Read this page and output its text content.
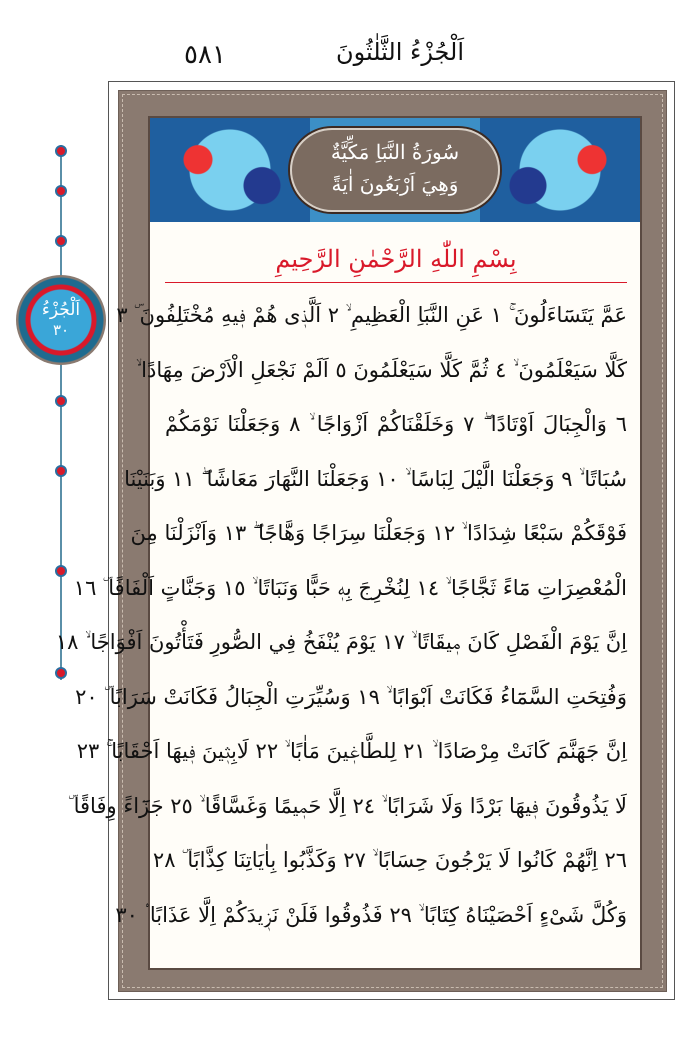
٥٨١	اَلْجُزْءُ الثَّلٰثُونَ
اَلْجُزْءُ
٣٠
سُورَةُ النَّبَاِ مَكِّيَّةٌ
وَهِيَ اَرْبَعُونَ اٰيَةً
بِسْمِ اللّٰهِ الرَّحْمٰنِ الرَّحِيمِ
عَمَّ يَتَسَٓاءَلُونَ ۚ ١ عَنِ النَّبَاِ الْعَظِيمِ ۙ ٢ اَلَّذٖى هُمْ فٖيهِ مُخْتَلِفُونَ ۜ ٣
كَلَّا سَيَعْلَمُونَ ۙ ٤ ثُمَّ كَلَّا سَيَعْلَمُونَ ٥ اَلَمْ نَجْعَلِ الْاَرْضَ مِهَادًا ۙ
٦ وَالْجِبَالَ اَوْتَادًا ۖ ٧ وَخَلَقْنَاكُمْ اَزْوَاجًا ۙ ٨ وَجَعَلْنَا نَوْمَكُمْ
سُبَاتًا ۙ ٩ وَجَعَلْنَا الَّيْلَ لِبَاسًا ۙ ١٠ وَجَعَلْنَا النَّهَارَ مَعَاشًا ۖ ١١ وَبَنَيْنَا
فَوْقَكُمْ سَبْعًا شِدَادًا ۙ ١٢ وَجَعَلْنَا سِرَاجًا وَهَّاجًا ۖ ١٣ وَاَنْزَلْنَا مِنَ
الْمُعْصِرَاتِ مَٓاءً ثَجَّاجًا ۙ ١٤ لِنُخْرِجَ بِهٖ حَبًّا وَنَبَاتًا ۙ ١٥ وَجَنَّاتٍ اَلْفَافًا ۜ ١٦
اِنَّ يَوْمَ الْفَصْلِ كَانَ مٖيقَاتًا ۙ ١٧ يَوْمَ يُنْفَخُ فِي الصُّورِ فَتَأْتُونَ اَفْوَاجًا ۙ ١٨
وَفُتِحَتِ السَّمَٓاءُ فَكَانَتْ اَبْوَابًا ۙ ١٩ وَسُيِّرَتِ الْجِبَالُ فَكَانَتْ سَرَابًا ۜ ٢٠
اِنَّ جَهَنَّمَ كَانَتْ مِرْصَادًا ۙ ٢١ لِلطَّاغٖينَ مَاٰبًا ۙ ٢٢ لَابِثٖينَ فٖيهَا اَحْقَابًا ۚ ٢٣
لَا يَذُوقُونَ فٖيهَا بَرْدًا وَلَا شَرَابًا ۙ ٢٤ اِلَّا حَمٖيمًا وَغَسَّاقًا ۙ ٢٥ جَزَٓاءً وِفَاقًا ۜ
٢٦ اِنَّهُمْ كَانُوا لَا يَرْجُونَ حِسَابًا ۙ ٢٧ وَكَذَّبُوا بِاٰيَاتِنَا كِذَّابًا ۜ ٢٨
وَكُلَّ شَیْءٍ اَحْصَيْنَاهُ كِتَابًا ۙ ٢٩ فَذُوقُوا فَلَنْ نَزٖيدَكُمْ اِلَّا عَذَابًا ۟ ٣٠
